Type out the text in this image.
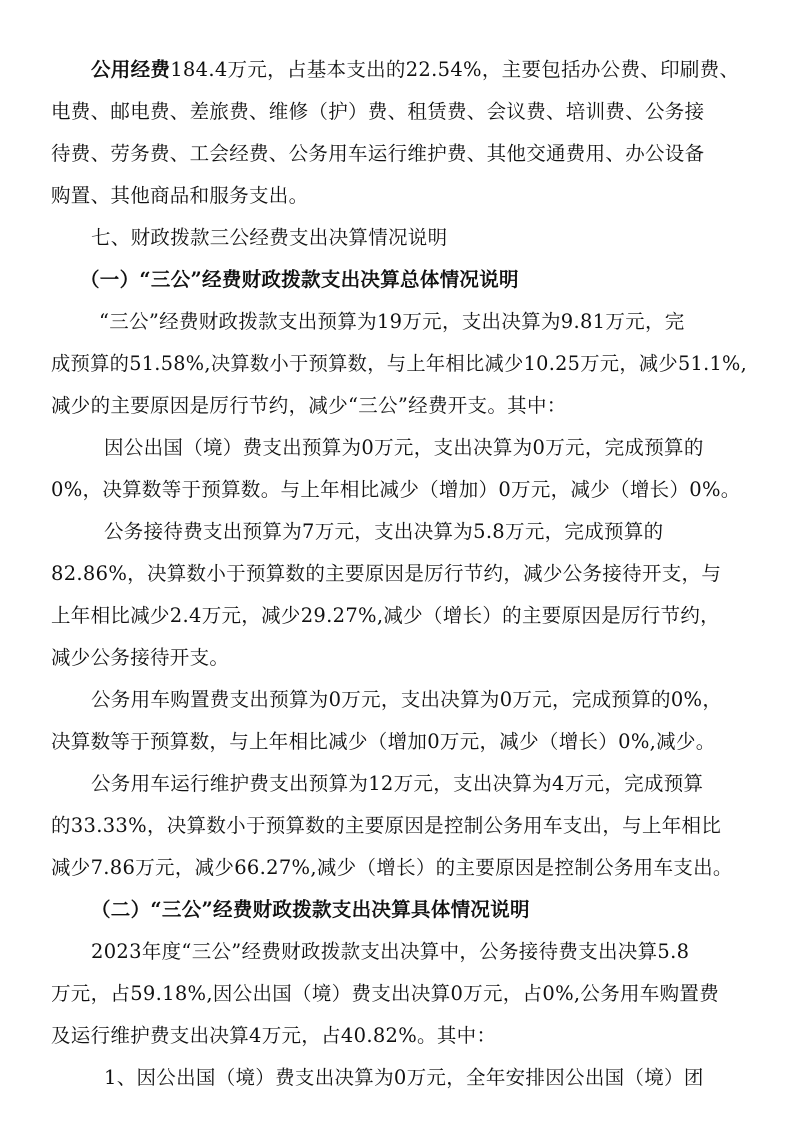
公用经费184.4万元，占基本支出的22.54%，主要包括办公费、印刷费、
电费、邮电费、差旅费、维修（护）费、租赁费、会议费、培训费、公务接
待费、劳务费、工会经费、公务用车运行维护费、其他交通费用、办公设备
购置、其他商品和服务支出。
七、财政拨款三公经费支出决算情况说明
（一）“三公”经费财政拨款支出决算总体情况说明
“三公”经费财政拨款支出预算为19万元，支出决算为9.81万元，完
成预算的51.58%,决算数小于预算数，与上年相比减少10.25万元，减少51.1%,
减少的主要原因是厉行节约，减少“三公”经费开支。其中：
因公出国（境）费支出预算为0万元，支出决算为0万元，完成预算的
0%，决算数等于预算数。与上年相比减少（增加）0万元，减少（增长）0%。
公务接待费支出预算为7万元，支出决算为5.8万元，完成预算的
82.86%，决算数小于预算数的主要原因是厉行节约，减少公务接待开支，与
上年相比减少2.4万元，减少29.27%,减少（增长）的主要原因是厉行节约，
减少公务接待开支。
公务用车购置费支出预算为0万元，支出决算为0万元，完成预算的0%，
决算数等于预算数，与上年相比减少（增加0万元，减少（增长）0%,减少。
公务用车运行维护费支出预算为12万元，支出决算为4万元，完成预算
的33.33%，决算数小于预算数的主要原因是控制公务用车支出，与上年相比
减少7.86万元，减少66.27%,减少（增长）的主要原因是控制公务用车支出。
（二）“三公”经费财政拨款支出决算具体情况说明
2023年度“三公”经费财政拨款支出决算中，公务接待费支出决算5.8
万元，占59.18%,因公出国（境）费支出决算0万元，占0%,公务用车购置费
及运行维护费支出决算4万元，占40.82%。其中：
1、因公出国（境）费支出决算为0万元，全年安排因公出国（境）团
